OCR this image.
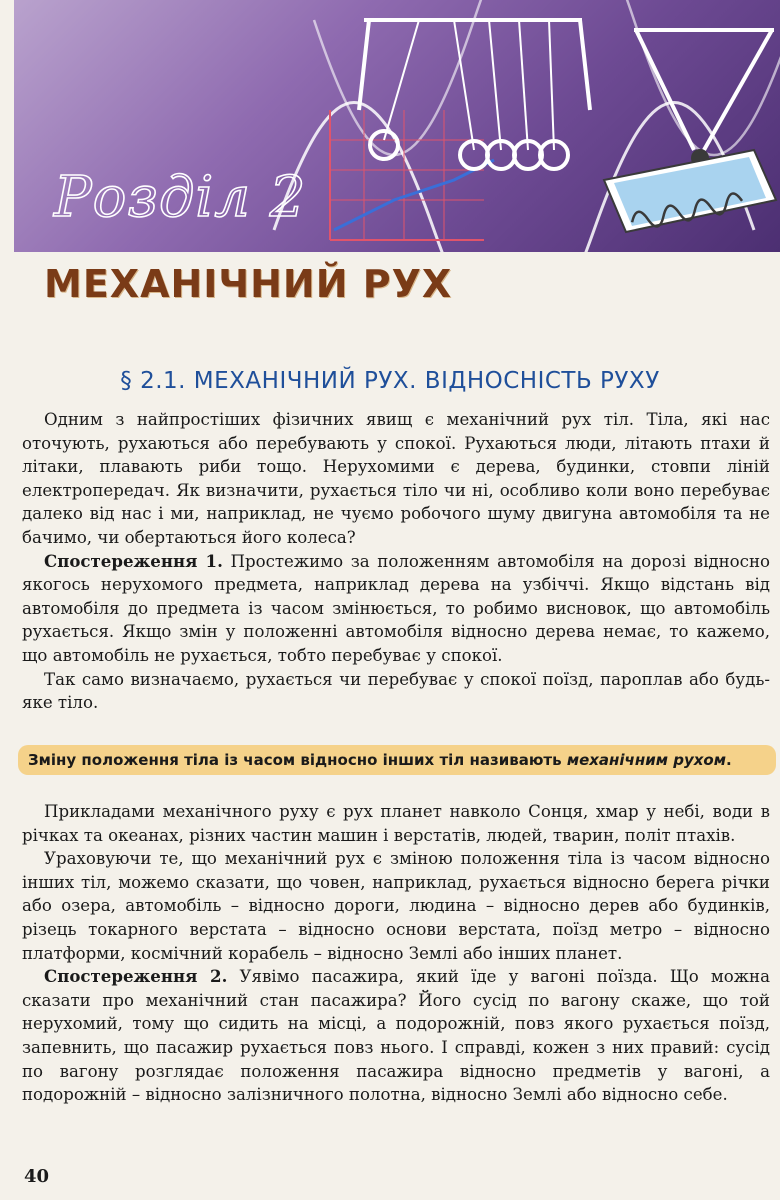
Розділ 2
МЕХАНІЧНИЙ РУХ
§ 2.1. МЕХАНІЧНИЙ РУХ. ВІДНОСНІСТЬ РУХУ

Одним з найпростіших фізичних явищ є механічний рух тіл. Тіла, які нас оточують, рухаються або перебувають у спокої. Рухаються люди, літають птахи й літаки, плавають риби тощо. Нерухомими є дерева, будинки, стовпи ліній електропередач. Як визначити, рухається тіло чи ні, особливо коли воно перебуває далеко від нас і ми, наприклад, не чуємо робочого шуму двигуна автомобіля та не бачимо, чи обертаються його колеса?

Спостереження 1. Простежимо за положенням автомобіля на дорозі відносно якогось нерухомого предмета, наприклад дерева на узбіччі. Якщо відстань від автомобіля до предмета із часом змінюється, то робимо висновок, що автомобіль рухається. Якщо змін у положенні автомобіля відносно дерева немає, то кажемо, що автомобіль не рухається, тобто перебуває у спокої.

Так само визначаємо, рухається чи перебуває у спокої поїзд, пароплав або будь-яке тіло.

Зміну положення тіла із часом відносно інших тіл називають механічним рухом.

Прикладами механічного руху є рух планет навколо Сонця, хмар у небі, води в річках та океанах, різних частин машин і верстатів, людей, тварин, політ птахів.

Ураховуючи те, що механічний рух є зміною положення тіла із часом відносно інших тіл, можемо сказати, що човен, наприклад, рухається відносно берега річки або озера, автомобіль – відносно дороги, людина – відносно дерев або будинків, різець токарного верстата – відносно основи верстата, поїзд метро – відносно платформи, космічний корабель – відносно Землі або інших планет.

Спостереження 2. Уявімо пасажира, який їде у вагоні поїзда. Що можна сказати про механічний стан пасажира? Його сусід по вагону скаже, що той нерухомий, тому що сидить на місці, а подорожній, повз якого рухається поїзд, запевнить, що пасажир рухається повз нього. І справді, кожен з них правий: сусід по вагону розглядає положення пасажира відносно предметів у вагоні, а подорожній – відносно залізничного полотна, відносно Землі або відносно себе.

40
